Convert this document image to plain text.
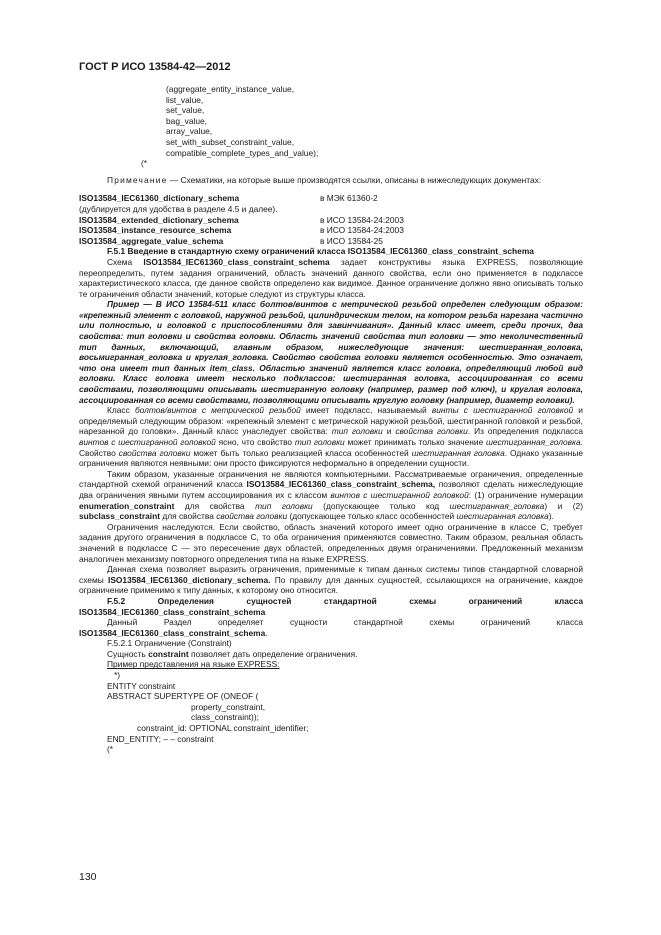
ГОСТ Р ИСО 13584-42—2012

(aggregate_entity_instance_value,

list_value,

set_value,

bag_value,

array_value,

set_with_subset_constraint_value,

compatible_complete_types_and_value);

(*

Примечание — Схематики, на которые выше производятся ссылки, описаны в нижеследующих документах:

ISO13584_IEC61360_dictionary_schema	в МЭК 61360-2
(дублируется для удобства в разделе 4.5 и далее).
ISO13584_extended_dictionary_schema	в ИСО 13584-24:2003
ISO13584_instance_resource_schema	в ИСО 13584-24:2003
ISO13584_aggregate_value_schema	в ИСО 13584-25

F.5.1 Введение в стандартную схему ограничений класса ISO13584_IEC61360_class_constraint_schema

Схема ISO13584_IEC61360_class_constraint_schema задает конструктивы языка EXPRESS, позволяющие переопределить, путем задания ограничений, область значений данного свойства, если оно применяется в подклассе характеристического класса, где данное свойств определено как видимое. Данное ограничение должно явно описывать только те ограничения области значений, которые следуют из структуры класса.

Пример — В ИСО 13584-511 класс болтов/винтов с метрической резьбой определен следующим образом: «крепежный элемент с головкой, наружной резьбой, цилиндрическим телом, на котором резьба нарезана частично или полностью, и головкой с приспособлениями для завинчивания». Данный класс имеет, среди прочих, два свойства: тип головки и свойства головки. Область значений свойства тип головки — это неколичественный тип данных, включающий, главным образом, нижеследующие значения: шестигранная_головка, восьмигранная_головка и круглая_головка. Свойство свойства головки является особенностью. Это означает, что она имеет тип данных item_class. Областью значений является класс головка, определяющий любой вид головки. Класс головка имеет несколько подклассов: шестигранная головка, ассоциированная со всеми свойствами, позволяющими описывать шестигранную головку (например, размер под ключ), и круглая головка, ассоциированная со всеми свойствами, позволяющими описывать круглую головку (например, диаметр головки).

Класс болтов/винтов с метрической резьбой имеет подкласс, называемый винты с шестигранной головкой и определяемый следующим образом: «крепежный элемент с метрической наружной резьбой, шестигранной головкой и резьбой, нарезанной до головки». Данный класс унаследует свойства: тип головки и свойства головки. Из определения подкласса винтов с шестигранной головкой ясно, что свойство тип головки может принимать только значение шестигранная_головка. Свойство свойства головки может быть только реализацией класса особенностей шестигранная головка. Однако указанные ограничения являются неявными: они просто фиксируются неформально в определении сущности.

Таким образом, указанные ограничения не являются компьютерными. Рассматриваемые ограничения, определенные стандартной схемой ограничений класса ISO13584_IEC61360_class_constraint_schema, позволяют сделать нижеследующие два ограничения явными путем ассоциирования их с классом винтов с шестигранной головкой: (1) ограничение нумерации enumeration_constraint для свойства тип головки (допускающее только код шестигранная_головка) и (2) subclass_constraint для свойства свойства головки (допускающее только класс особенностей шестигранная головка).

Ограничения наследуются. Если свойство, область значений которого имеет одно ограничение в классе С, требует задания другого ограничения в подклассе С, то оба ограничения применяются совместно. Таким образом, реальная область значений в подклассе С — это пересечение двух областей, определенных двумя ограничениями. Предложенный механизм аналогичен механизму повторного определения типа на языке EXPRESS.

Данная схема позволяет выразить ограничения, применимые к типам данных системы типов стандартной словарной схемы ISO13584_IEC61360_dictionary_schema. По правилу для данных сущностей, ссылающихся на ограничение, каждое ограничение применимо к типу данных, к которому оно относится.

F.5.2 Определения сущностей стандартной схемы ограничений класса ISO13584_IEC61360_class_constraint_schema

Данный Раздел определяет сущности стандартной схемы ограничений класса ISO13584_IEC61360_class_constraint_schema.

F.5.2.1 Ограничение (Constraint)

Сущность constraint позволяет дать определение ограничения.

Пример представления на языке EXPRESS:

*)

ENTITY constraint

ABSTRACT SUPERTYPE OF (ONEOF (

property_constraint,

class_constraint));

constraint_id: OPTIONAL constraint_identifier;

END_ENTITY; – – constraint

(*

130
